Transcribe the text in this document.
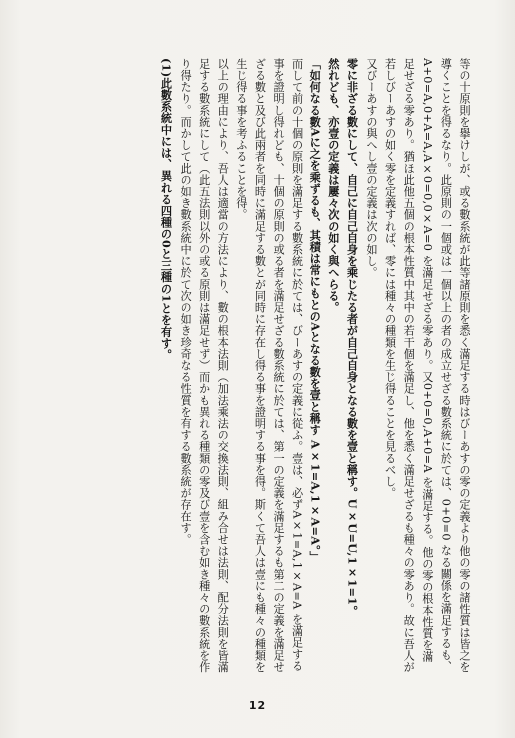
等の十原則を擧けしが、或る數系統が此等諸原則を悉く滿足する時はびーあすの零の定義より他の零の諸性質は皆之を導くことを得るなり。此原則の一個或は一個以上の者の成立せざる數系統に於ては、0+0=0 なる關係を滿足するも、A+0=A,0+A=A,A×0=0,0×A=0 を滿足せざる零あり。又0+0=0,A+0=A を滿足する。他の零の根本性質を滿足せざる零あり。猶ほ此他五個の根本性質中其中の若干個を滿足し、他を悉く滿足せざるも種々の零あり。故に吾人が若しびーあすの如く零を定義すれば、零には種々の種類を生じ得ることを見るべし。

又びーあすの與へし壹の定義は次の如し。

零に非ざる數にして、自己に自己自身を乘じたる者が自己自身となる數を壹と稱す。U×U=U,1×1=1。

然れども、亦壹の定義は屢々次の如く與へらる。

「如何なる數Aに之を乘ずるも、其積は常にもとのAとなる數を壹と稱す A×1=A,1×A=A。」

而して前の十個の原則を滿足する數系統に於ては、びーあすの定義に從ふ。壹は、必ずA×1=A,1×A=A を滿足する事を證明し得れども、十個の原則の或る者を滿足せざる數系統に於ては、第一の定義を滿足するも第二の定義を滿足せざる數と及び此兩者を同時に滿足する數とが同時に存在し得る事を證明する事を得。斯くて吾人は壹にも種々の種類を生じ得る事を考ふることを得。

以上の理由により、吾人は適當の方法により、數の根本法則（加法乘法の交換法則、組み合せは法則、配分法則を皆滿足する數系統にして（此五法則以外の或る原則は滿足せず）而かも異れる種類の零及び壹を含む如き種々の數系統を作り得たり。而かして此の如き數系統中に於て次の如き珍奇なる性質を有する數系統が存在す。

(1)此數系統中には、異れる四種の0と三種の1とを有す。

12
